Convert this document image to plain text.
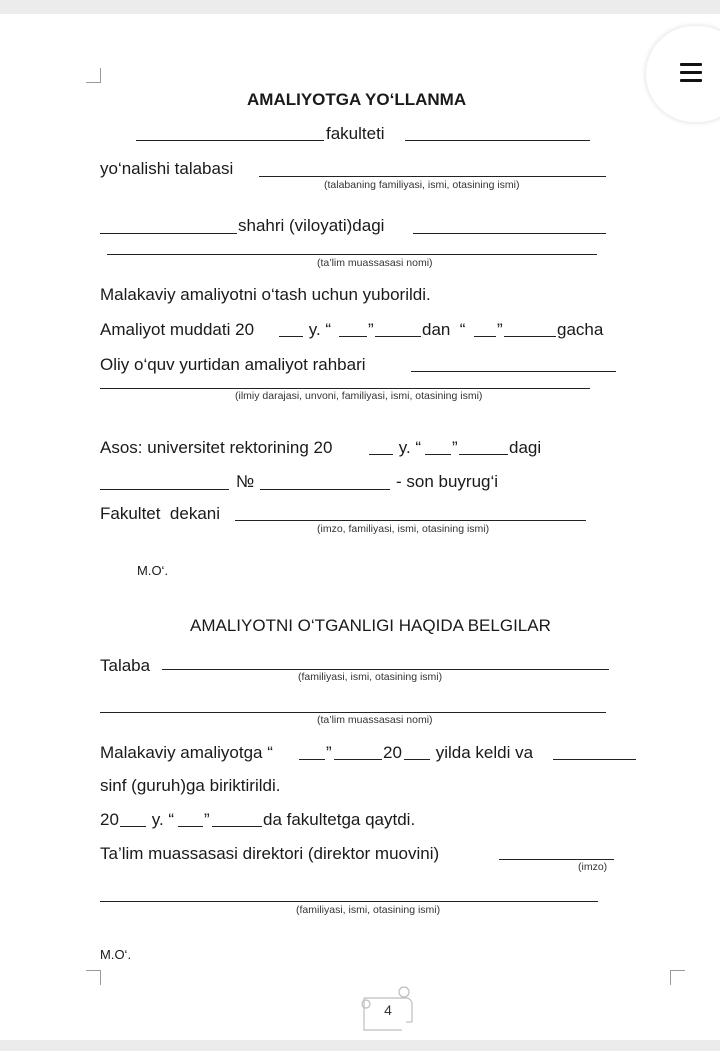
AMALIYOTGA YO‘LLANMA
fakulteti
yo‘nalishi talabasi
(talabaning familiyasi, ismi, otasining ismi)
shahri (viloyati)dagi
(ta’lim muassasasi nomi)
Malakaviy amaliyotni o‘tash uchun yuborildi.
Amaliyot muddati 20	y. “ ”	dan  “ ”	gacha
Oliy o‘quv yurtidan amaliyot rahbari
(ilmiy darajasi, unvoni, familiyasi, ismi, otasining ismi)
Asos: universitet rektorining 20	y. “ ”	dagi
№	- son buyrug‘i
Fakultet  dekani
(imzo, familiyasi, ismi, otasining ismi)
M.O‘.
AMALIYOTNI O‘TGANLIGI HAQIDA BELGILAR
Talaba
(familiyasi, ismi, otasining ismi)
(ta’lim muassasasi nomi)
Malakaviy amaliyotga “	”	20 yilda keldi va
sinf (guruh)ga biriktirildi.
20 y. “ ”	da fakultetga qaytdi.
Ta’lim muassasasi direktori (direktor muovini)
(imzo)
(familiyasi, ismi, otasining ismi)
M.O‘.
4
